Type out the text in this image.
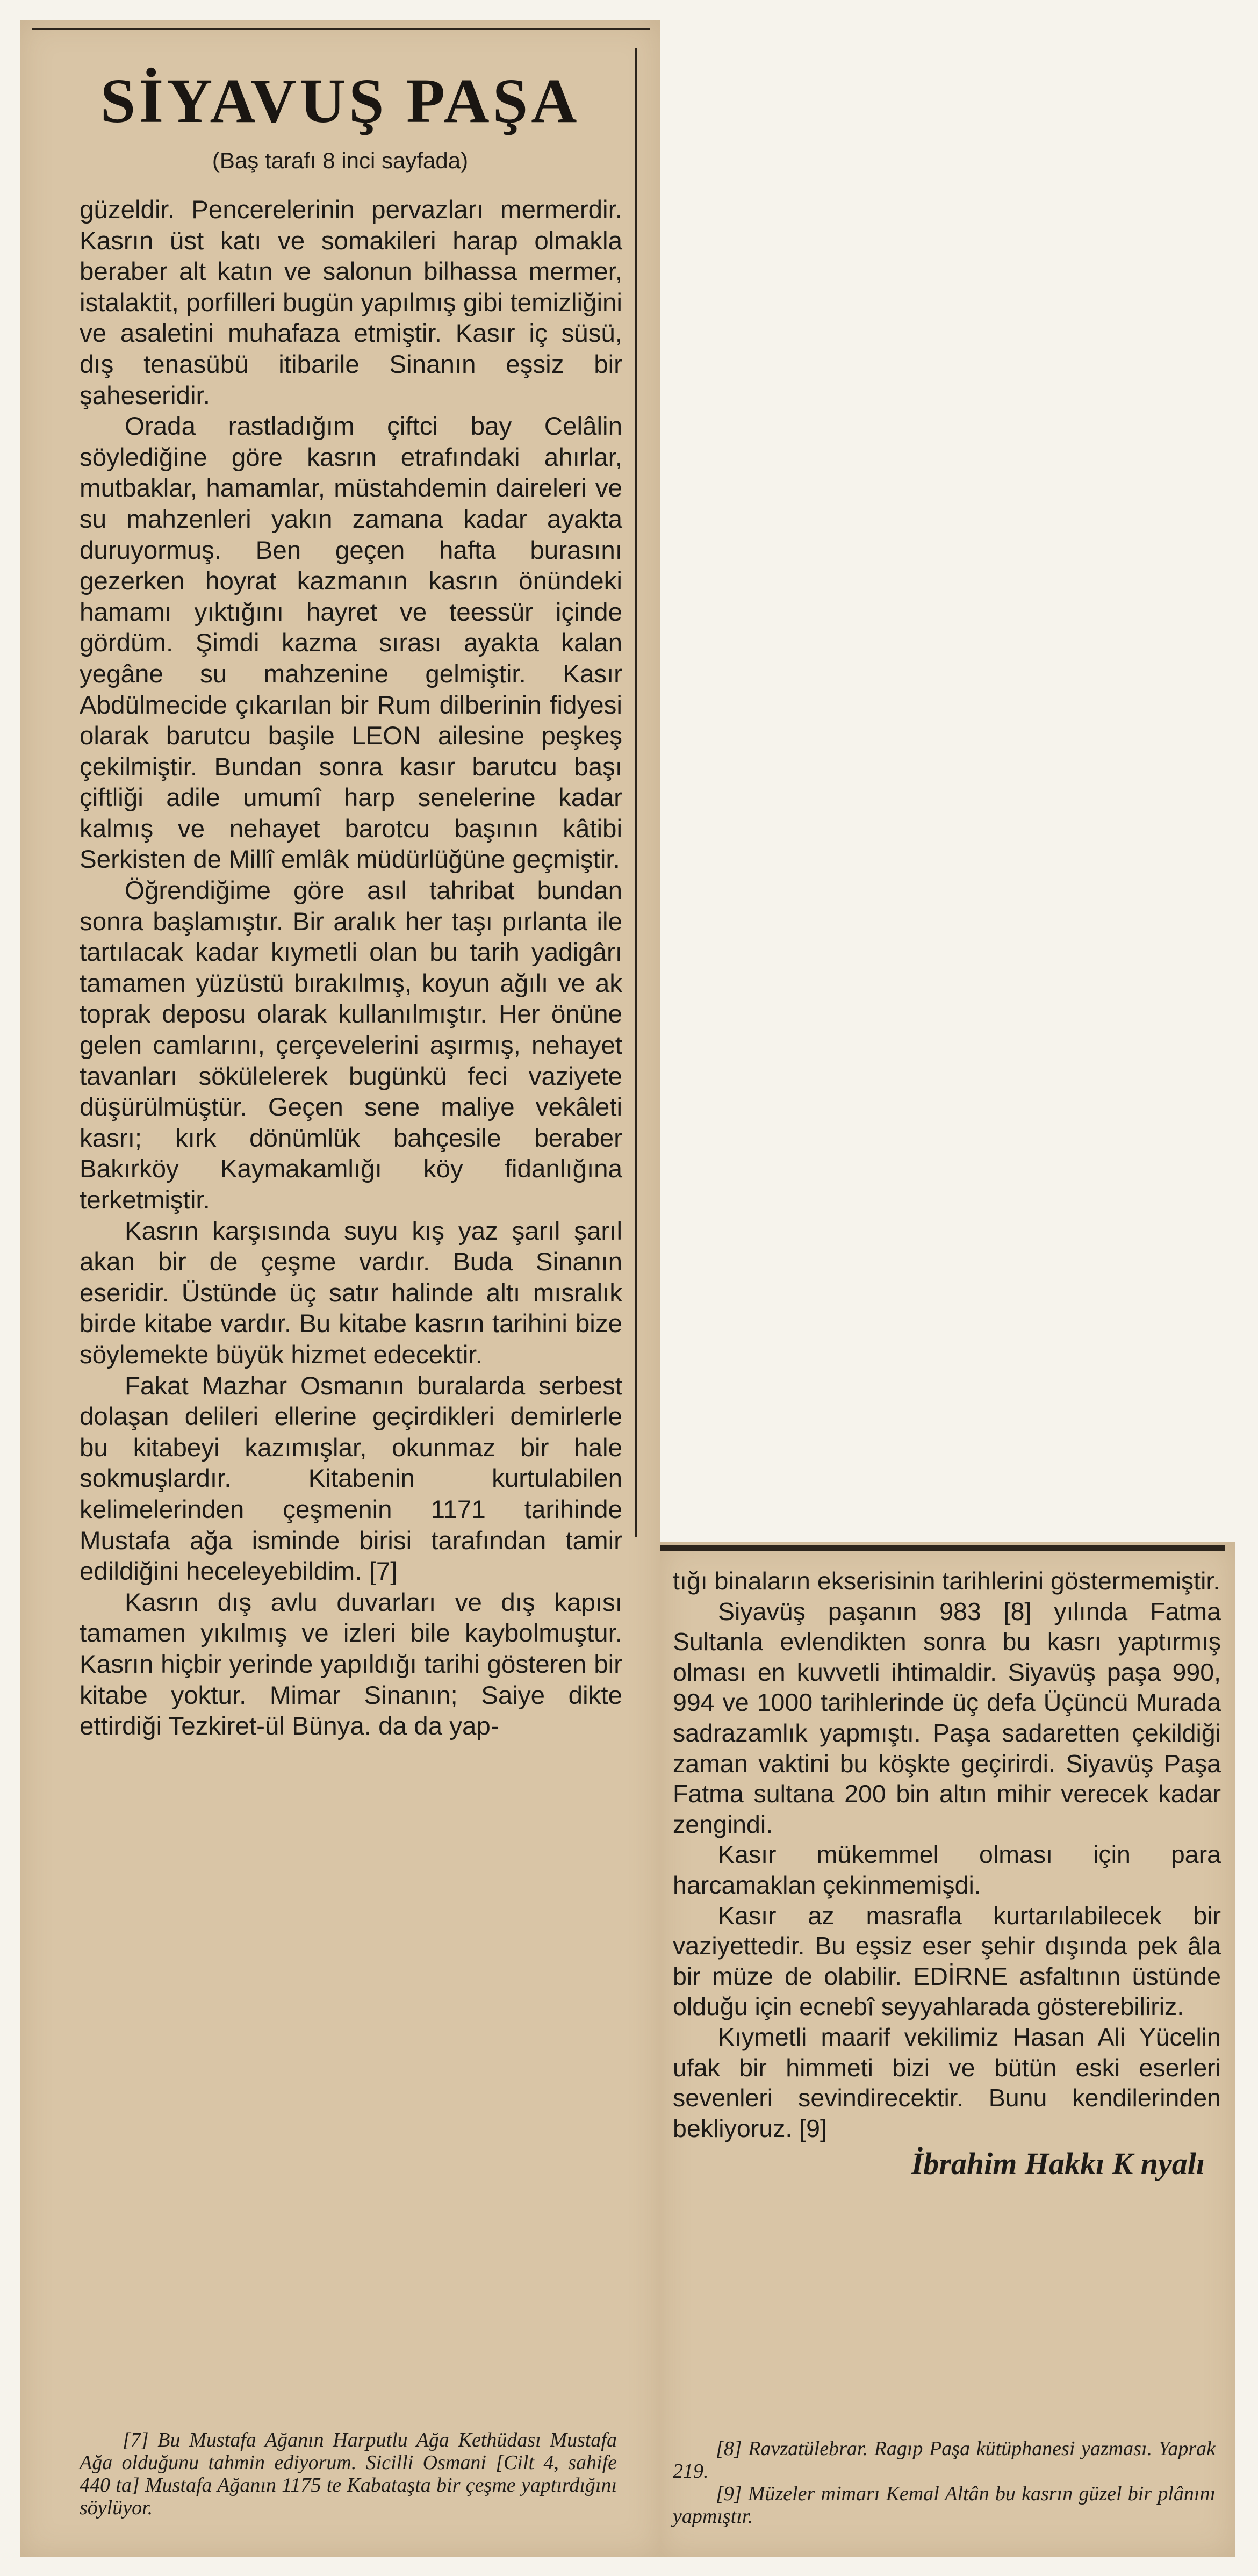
SİYAVUŞ PAŞA
(Baş tarafı 8 inci sayfada)

güzeldir. Pencerelerinin pervazları mermerdir. Kasrın üst katı ve somakileri harap olmakla beraber alt katın ve salonun bilhassa mermer, istalaktit, porfilleri bugün yapılmış gibi temizliğini ve asaletini muhafaza etmiştir. Kasır iç süsü, dış tenasübü itibarile Sinanın eşsiz bir şaheseridir.

Orada rastladığım çiftci bay Celâlin söylediğine göre kasrın etrafındaki ahırlar, mutbaklar, hamamlar, müstahdemin daireleri ve su mahzenleri yakın zamana kadar ayakta duruyormuş. Ben geçen hafta burasını gezerken hoyrat kazmanın kasrın önündeki hamamı yıktığını hayret ve teessür içinde gördüm. Şimdi kazma sırası ayakta kalan yegâne su mahzenine gelmiştir. Kasır Abdülmecide çıkarılan bir Rum dilberinin fidyesi olarak barutcu başile LEON ailesine peşkeş çekilmiştir. Bundan sonra kasır barutcu başı çiftliği adile umumî harp senelerine kadar kalmış ve nehayet barotcu başının kâtibi Serkisten de Millî emlâk müdürlüğüne geçmiştir.

Öğrendiğime göre asıl tahribat bundan sonra başlamıştır. Bir aralık her taşı pırlanta ile tartılacak kadar kıymetli olan bu tarih yadigârı tamamen yüzüstü bırakılmış, koyun ağılı ve ak toprak deposu olarak kullanılmıştır. Her önüne gelen camlarını, çerçevelerini aşırmış, nehayet tavanları sökülelerek bugünkü feci vaziyete düşürülmüştür. Geçen sene maliye vekâleti kasrı; kırk dönümlük bahçesile beraber Bakırköy Kaymakamlığı köy fidanlığına terketmiştir.

Kasrın karşısında suyu kış yaz şarıl şarıl akan bir de çeşme vardır. Buda Sinanın eseridir. Üstünde üç satır halinde altı mısralık birde kitabe vardır. Bu kitabe kasrın tarihini bize söylemekte büyük hizmet edecektir.

Fakat Mazhar Osmanın buralarda serbest dolaşan delileri ellerine geçirdikleri demirlerle bu kitabeyi kazımışlar, okunmaz bir hale sokmuşlardır. Kitabenin kurtulabilen kelimelerinden çeşmenin 1171 tarihinde Mustafa ağa isminde birisi tarafından tamir edildiğini heceleyebildim. [7]

Kasrın dış avlu duvarları ve dış kapısı tamamen yıkılmış ve izleri bile kaybolmuştur. Kasrın hiçbir yerinde yapıldığı tarihi gösteren bir kitabe yoktur. Mimar Sinanın; Saiye dikte ettirdiği Tezkiret-ül Bünya. da da yap-

[7] Bu Mustafa Ağanın Harputlu Ağa Kethüdası Mustafa Ağa olduğunu tahmin ediyorum. Sicilli Osmani [Cilt 4, sahife 440 ta] Mustafa Ağanın 1175 te Kabataşta bir çeşme yaptırdığını söylüyor.

tığı binaların ekserisinin tarihlerini göstermemiştir.

Siyavüş paşanın 983 [8] yılında Fatma Sultanla evlendikten sonra bu kasrı yaptırmış olması en kuvvetli ihtimaldir. Siyavüş paşa 990, 994 ve 1000 tarihlerinde üç defa Üçüncü Murada sadrazamlık yapmıştı. Paşa sadaretten çekildiği zaman vaktini bu köşkte geçirirdi. Siyavüş Paşa Fatma sultana 200 bin altın mihir verecek kadar zengindi.

Kasır mükemmel olması için para harcamaklan çekinmemişdi.

Kasır az masrafla kurtarılabilecek bir vaziyettedir. Bu eşsiz eser şehir dışında pek âla bir müze de olabilir. EDİRNE asfaltının üstünde olduğu için ecnebî seyyahlarada gösterebiliriz.

Kıymetli maarif vekilimiz Hasan Ali Yücelin ufak bir himmeti bizi ve bütün eski eserleri sevenleri sevindirecektir. Bunu kendilerinden bekliyoruz. [9]

İbrahim Hakkı K nyalı

[8] Ravzatülebrar. Ragıp Paşa kütüphanesi yazması. Yaprak 219.

[9] Müzeler mimarı Kemal Altân bu kasrın güzel bir plânını yapmıştır.
